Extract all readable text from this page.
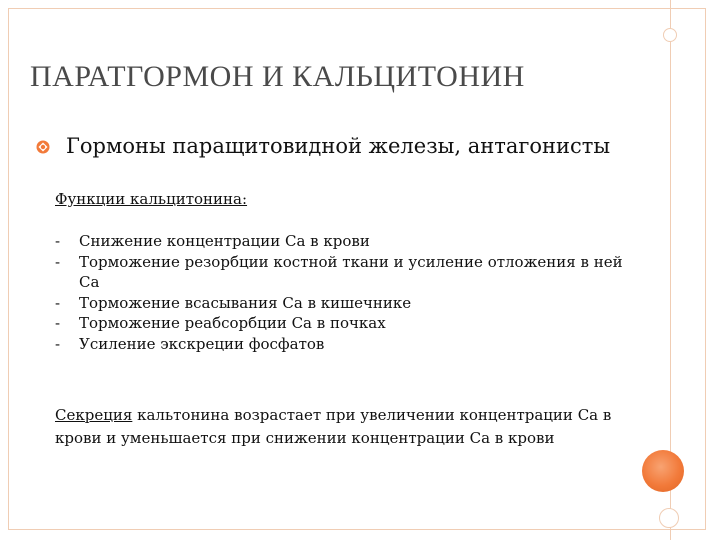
ПАРАТГОРМОН И КАЛЬЦИТОНИН
Гормоны паращитовидной железы, антагонисты
Функции кальцитонина:
- Снижение концентрации Са в крови
- Торможение резорбции костной ткани и усиление отложения в ней Са
- Торможение всасывания Са в кишечнике
- Торможение реабсорбции Са в почках
- Усиление экскреции фосфатов

Секреция кальтонина возрастает при увеличении концентрации Са в крови и уменьшается при снижении концентрации Са в крови
